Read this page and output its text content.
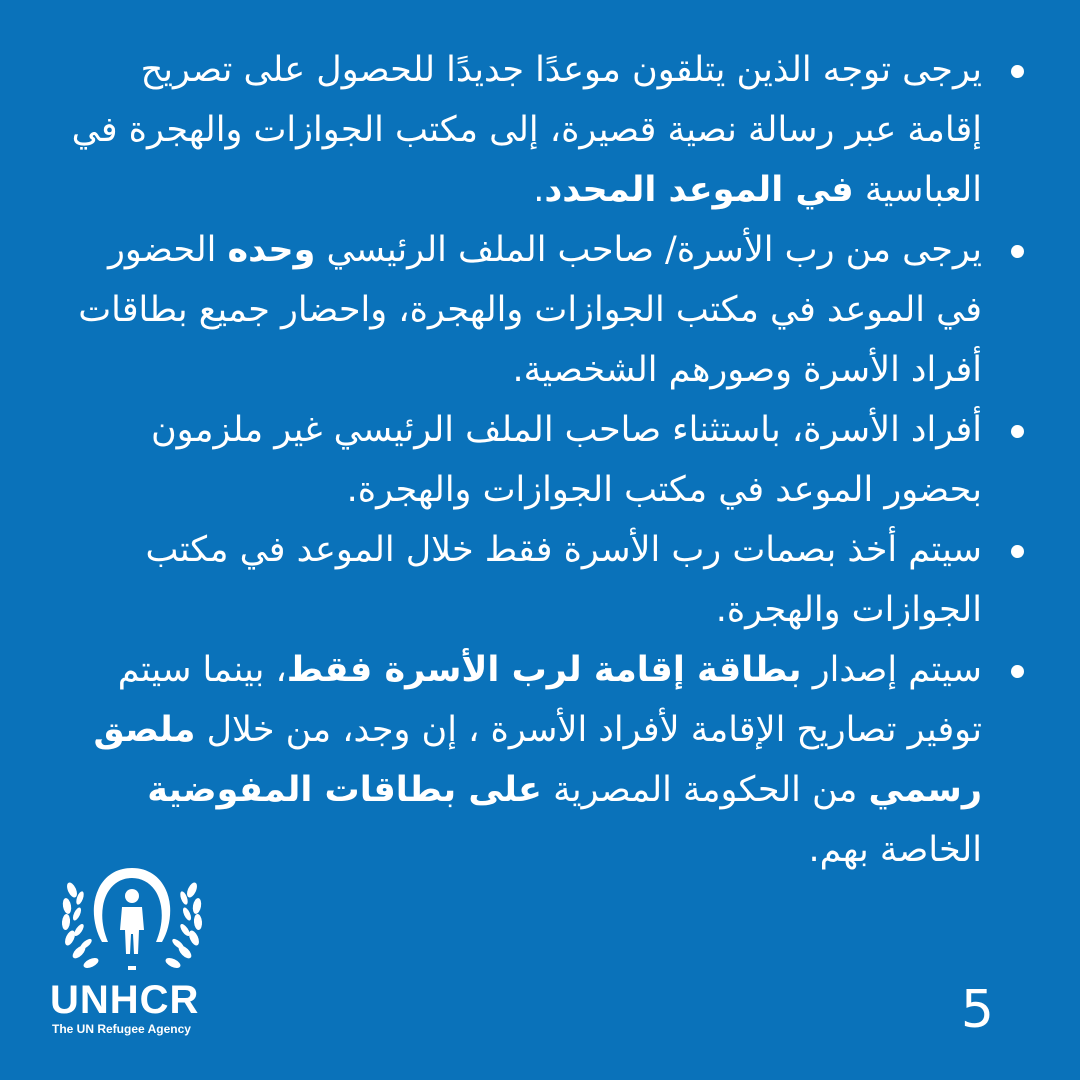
يرجى توجه الذين يتلقون موعدًا جديدًا للحصول على تصريح إقامة عبر رسالة نصية قصيرة، إلى مكتب الجوازات والهجرة في العباسية في الموعد المحدد.
يرجى من رب الأسرة/ صاحب الملف الرئيسي وحده الحضور في الموعد في مكتب الجوازات والهجرة، واحضار جميع بطاقات أفراد الأسرة وصورهم الشخصية.
أفراد الأسرة، باستثناء صاحب الملف الرئيسي غير ملزمون بحضور الموعد في مكتب الجوازات والهجرة.
سيتم أخذ بصمات رب الأسرة فقط خلال الموعد في مكتب الجوازات والهجرة.
سيتم إصدار بطاقة إقامة لرب الأسرة فقط، بينما سيتم توفير تصاريح الإقامة لأفراد الأسرة ، إن وجد، من خلال ملصق رسمي من الحكومة المصرية على بطاقات المفوضية الخاصة بهم.
UNHCR
The UN Refugee Agency	5
